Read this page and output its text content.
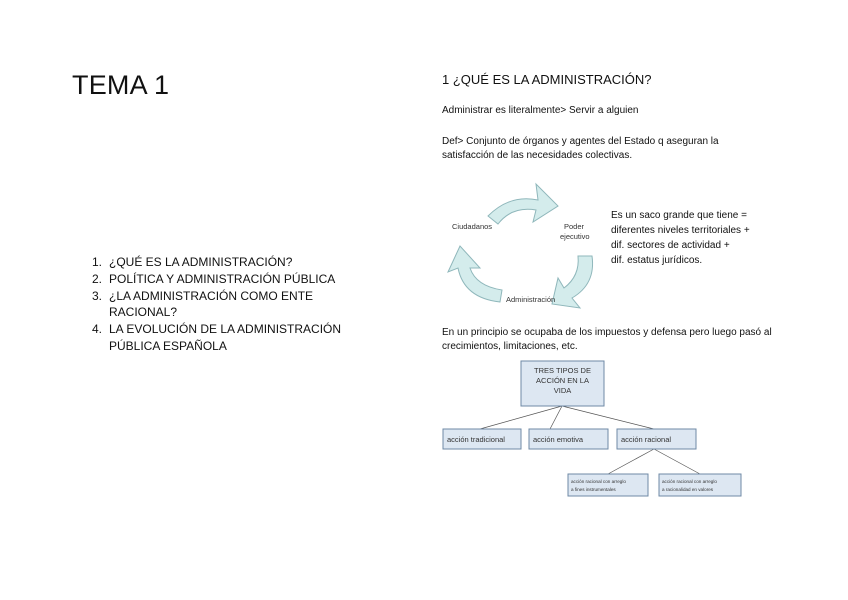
TEMA 1
1. ¿QUÉ ES LA ADMINISTRACIÓN?
2. POLÍTICA Y ADMINISTRACIÓN PÚBLICA
3. ¿LA ADMINISTRACIÓN COMO ENTE RACIONAL?
4. LA EVOLUCIÓN DE LA ADMINISTRACIÓN PÚBLICA ESPAÑOLA
1 ¿QUÉ ES LA ADMINISTRACIÓN?
Administrar es literalmente> Servir a alguien
Def> Conjunto de órganos y agentes del Estado q aseguran la satisfacción de las necesidades colectivas.
Ciudadanos	Poder
ejecutivo
Administración
Es un saco grande que tiene =
diferentes niveles territoriales +
dif. sectores de actividad +
dif. estatus jurídicos.
En un principio se ocupaba de los impuestos y defensa pero luego pasó al crecimientos, limitaciones, etc.
TRES TIPOS DE
ACCIÓN EN LA
VIDA
acción tradicional	acción emotiva	acción racional
acción racional con arreglo
a fines instrumentales
acción racional con arreglo
a racionalidad en valores
